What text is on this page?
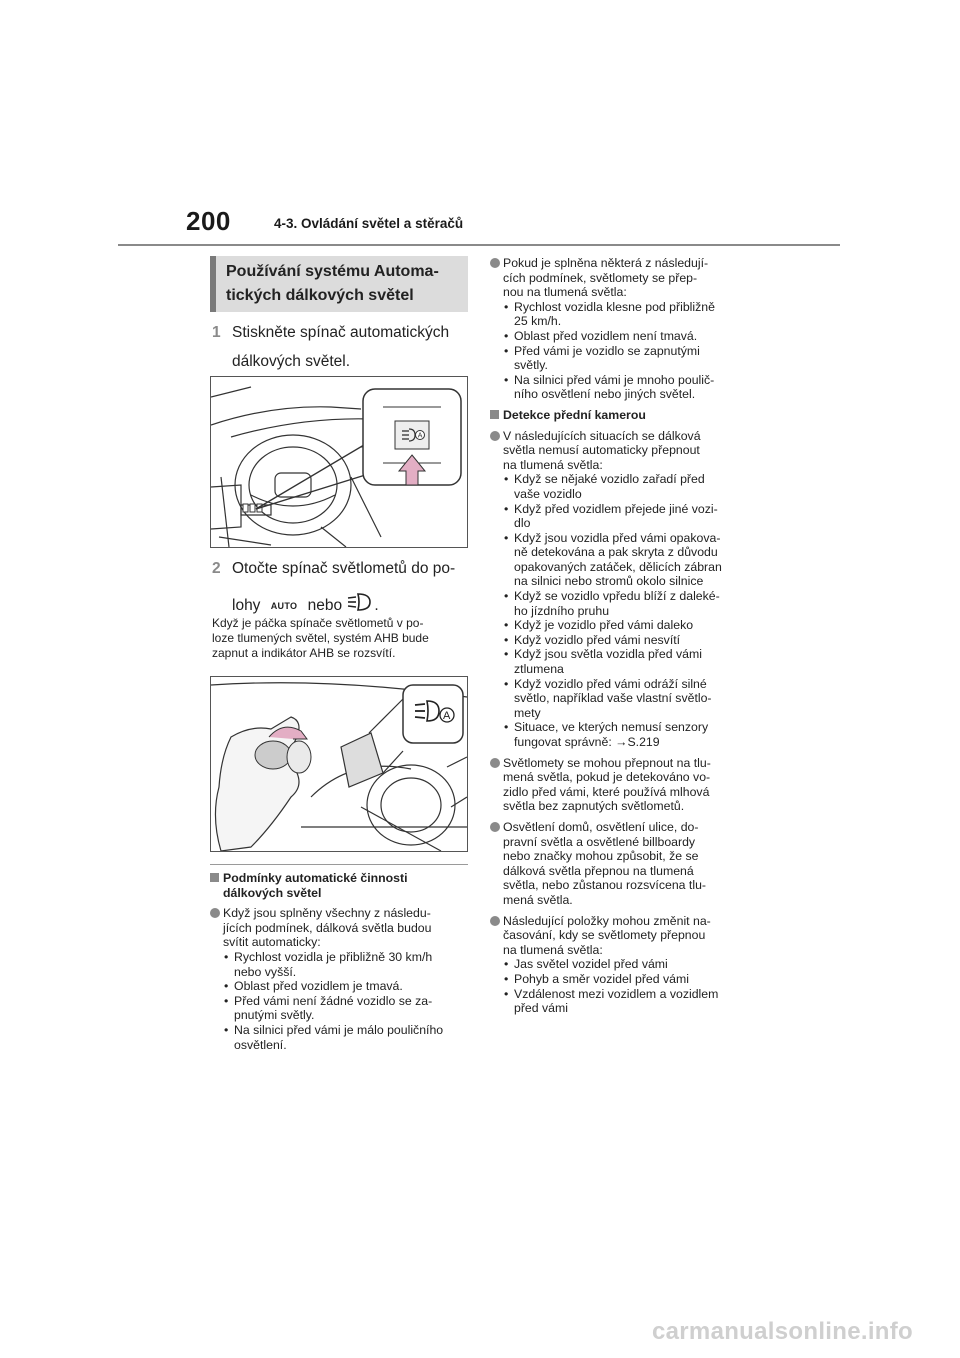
200	4-3. Ovládání světel a stěračů
Používání systému Automa-
tických dálkových světel
1 Stiskněte spínač automatických
dálkových světel.
A
2 Otočte spínač světlometů do po-
lohy AUTO nebo .
Když je páčka spínače světlometů v po-
loze tlumených světel, systém AHB bude
zapnut a indikátor AHB se rozsvítí.
A
Podmínky automatické činnosti
dálkových světel
Když jsou splněny všechny z následu-
jících podmínek, dálková světla budou
svítit automaticky:
• Rychlost vozidla je přibližně 30 km/h
nebo vyšší.
• Oblast před vozidlem je tmavá.
• Před vámi není žádné vozidlo se za-
pnutými světly.
• Na silnici před vámi je málo pouličního
osvětlení.
Pokud je splněna některá z následují-
cích podmínek, světlomety se přep-
nou na tlumená světla:
• Rychlost vozidla klesne pod přibližně
25 km/h.
• Oblast před vozidlem není tmavá.
• Před vámi je vozidlo se zapnutými
světly.
• Na silnici před vámi je mnoho poulič-
ního osvětlení nebo jiných světel.
Detekce přední kamerou
V následujících situacích se dálková
světla nemusí automaticky přepnout
na tlumená světla:
• Když se nějaké vozidlo zařadí před
vaše vozidlo
• Když před vozidlem přejede jiné vozi-
dlo
• Když jsou vozidla před vámi opakova-
ně detekována a pak skryta z důvodu
opakovaných zatáček, dělicích zábran
na silnici nebo stromů okolo silnice
• Když se vozidlo vpředu blíží z daleké-
ho jízdního pruhu
• Když je vozidlo před vámi daleko
• Když vozidlo před vámi nesvítí
• Když jsou světla vozidla před vámi
ztlumena
• Když vozidlo před vámi odráží silné
světlo, například vaše vlastní světlo-
mety
• Situace, ve kterých nemusí senzory
fungovat správně: →S.219
Světlomety se mohou přepnout na tlu-
mená světla, pokud je detekováno vo-
zidlo před vámi, které používá mlhová
světla bez zapnutých světlometů.
Osvětlení domů, osvětlení ulice, do-
pravní světla a osvětlené billboardy
nebo značky mohou způsobit, že se
dálková světla přepnou na tlumená
světla, nebo zůstanou rozsvícena tlu-
mená světla.
Následující položky mohou změnit na-
časování, kdy se světlomety přepnou
na tlumená světla:
• Jas světel vozidel před vámi
• Pohyb a směr vozidel před vámi
• Vzdálenost mezi vozidlem a vozidlem
před vámi
carmanualsonline.info
